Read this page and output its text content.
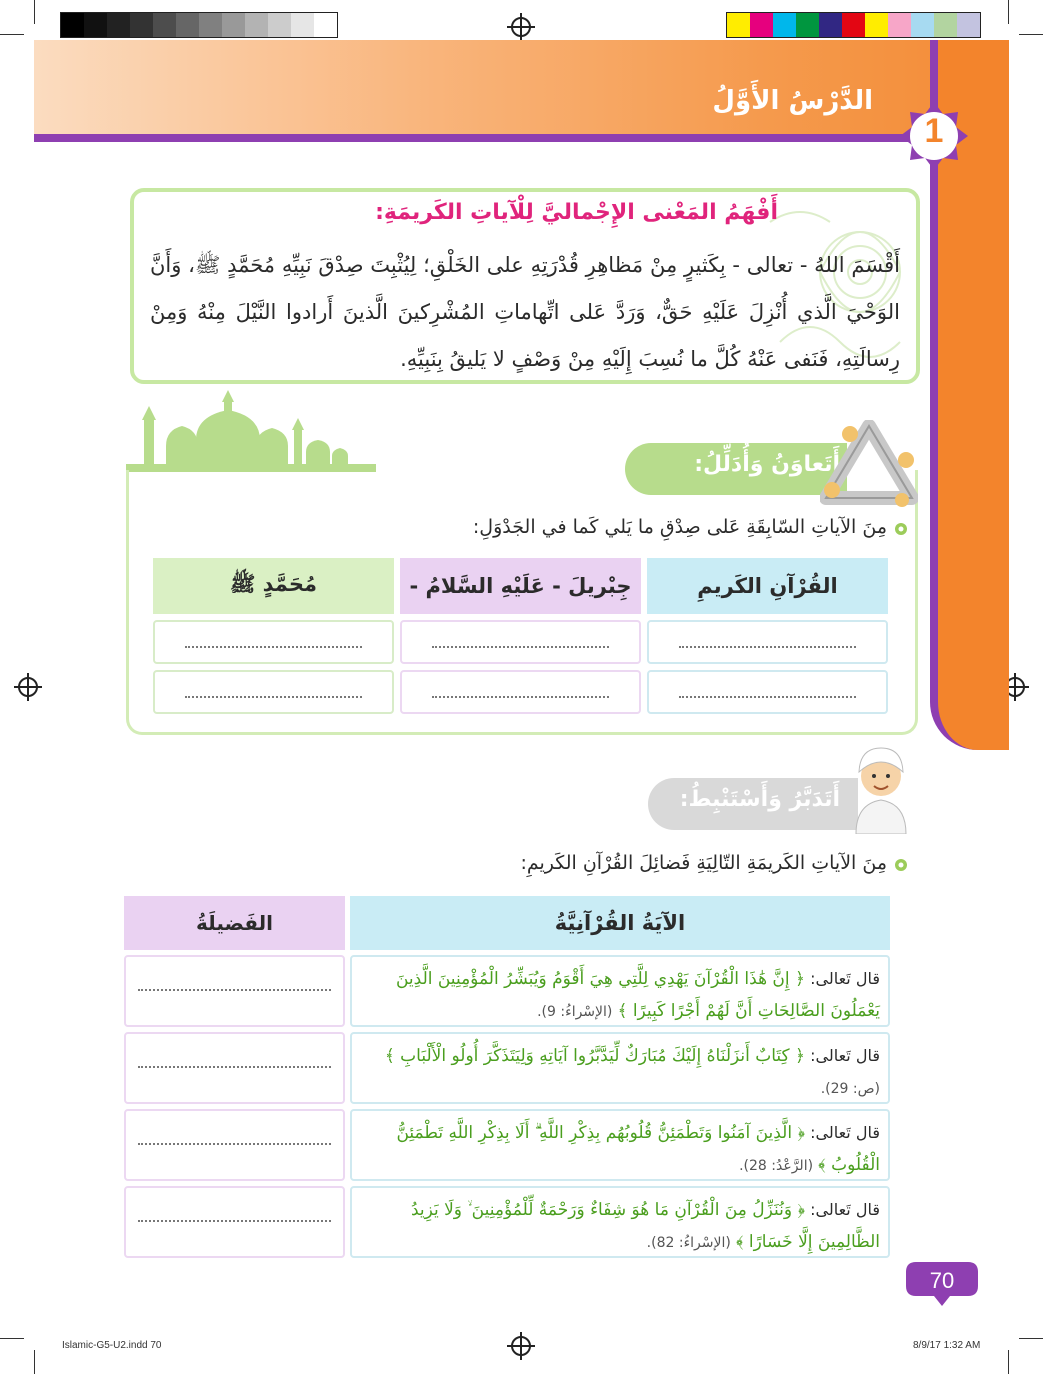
الدَّرْسُ الأَوَّلُ
1
أَفْهَمُ المَعْنى الإِجْماليَّ لِلْآياتِ الكَريمَةِ:
أَقْسَمَ اللهُ - تعالى - بِكَثيرٍ مِنْ مَظاهِرِ قُدْرَتِهِ على الخَلْقِ؛ لِيُثْبِتَ صِدْقَ نَبِيِّهِ مُحَمَّدٍ ﷺ، وَأَنَّ الوَحْيَ الَّذي أُنْزِلَ عَلَيْهِ حَقٌّ، وَرَدَّ عَلى اتِّهاماتِ المُشْرِكينَ الَّذينَ أَرادوا النَّيْلَ مِنْهُ وَمِنْ رِسالَتِهِ، فَنَفى عَنْهُ كُلَّ ما نُسِبَ إِلَيْهِ مِنْ وَصْفٍ لا يَليقُ بِنَبِيِّهِ.
أَتَعاوَنُ وَأُدَلِّلُ:
مِنَ الآياتِ السّابِقَةِ عَلى صِدْقِ ما يَلي كَما في الجَدْوَلِ:
القُرْآنِ الكَريمِ
جِبْريلَ - عَلَيْهِ السَّلامُ -
مُحَمَّدٍ ﷺ
أَتَدَبَّرُ وَأَسْتَنْبِطُ:
مِنَ الآياتِ الكَريمَةِ التّالِيَةِ فَضائِلَ القُرْآنِ الكَريمِ:
الآيَةُ القُرْآنِيَّةُ
الفَضيلَةُ
قال تَعالى: ﴿ إِنَّ هَٰذَا الْقُرْآنَ يَهْدِي لِلَّتِي هِيَ أَقْوَمُ وَيُبَشِّرُ الْمُؤْمِنِينَ الَّذِينَ يَعْمَلُونَ الصَّالِحَاتِ أَنَّ لَهُمْ أَجْرًا كَبِيرًا ﴾ (الإسْراءُ: 9).
قال تَعالى: ﴿ كِتَابٌ أَنزَلْنَاهُ إِلَيْكَ مُبَارَكٌ لِّيَدَّبَّرُوا آيَاتِهِ وَلِيَتَذَكَّرَ أُولُو الْأَلْبَابِ ﴾ (ص: 29).
قال تَعالى: ﴿ الَّذِينَ آمَنُوا وَتَطْمَئِنُّ قُلُوبُهُم بِذِكْرِ اللَّهِ ۗ أَلَا بِذِكْرِ اللَّهِ تَطْمَئِنُّ الْقُلُوبُ ﴾ (الرَّعْدُ: 28).
قال تَعالى: ﴿ وَنُنَزِّلُ مِنَ الْقُرْآنِ مَا هُوَ شِفَاءٌ وَرَحْمَةٌ لِّلْمُؤْمِنِينَ ۙ وَلَا يَزِيدُ الظَّالِمِينَ إِلَّا خَسَارًا ﴾ (الإسْراءُ: 82).
70
Islamic-G5-U2.indd 70	8/9/17 1:32 AM
